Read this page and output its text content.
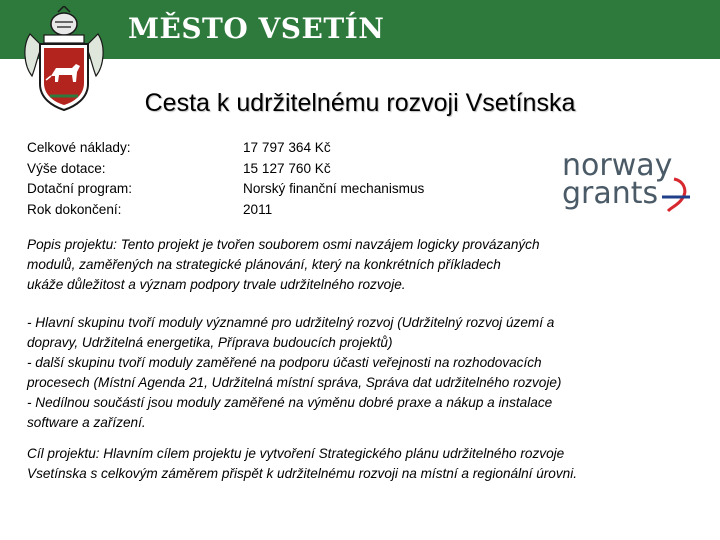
MĚSTO VSETÍN
Cesta k udržitelnému rozvoji Vsetínska
Celkové náklady:	17 797 364 Kč
Výše dotace:	15 127 760 Kč
Dotační program:	Norský finanční mechanismus
Rok dokončení:	2011
norway
grants
Popis projektu: Tento projekt je tvořen souborem osmi navzájem logicky provázaných
modulů, zaměřených na strategické plánování, který na konkrétních příkladech
ukáže důležitost a význam podpory trvale udržitelného rozvoje.
- Hlavní skupinu tvoří moduly významné pro udržitelný rozvoj (Udržitelný rozvoj území a
dopravy, Udržitelná energetika, Příprava budoucích projektů)
- další skupinu tvoří moduly zaměřené na podporu účasti veřejnosti na rozhodovacích
procesech (Místní Agenda 21, Udržitelná místní správa, Správa dat udržitelného rozvoje)
- Nedílnou součástí jsou moduly zaměřené na výměnu dobré praxe a nákup a instalace
software a zařízení.
Cíl projektu: Hlavním cílem projektu je vytvoření Strategického plánu udržitelného rozvoje
Vsetínska s celkovým záměrem přispět k udržitelnému rozvoji na místní a regionální úrovni.
